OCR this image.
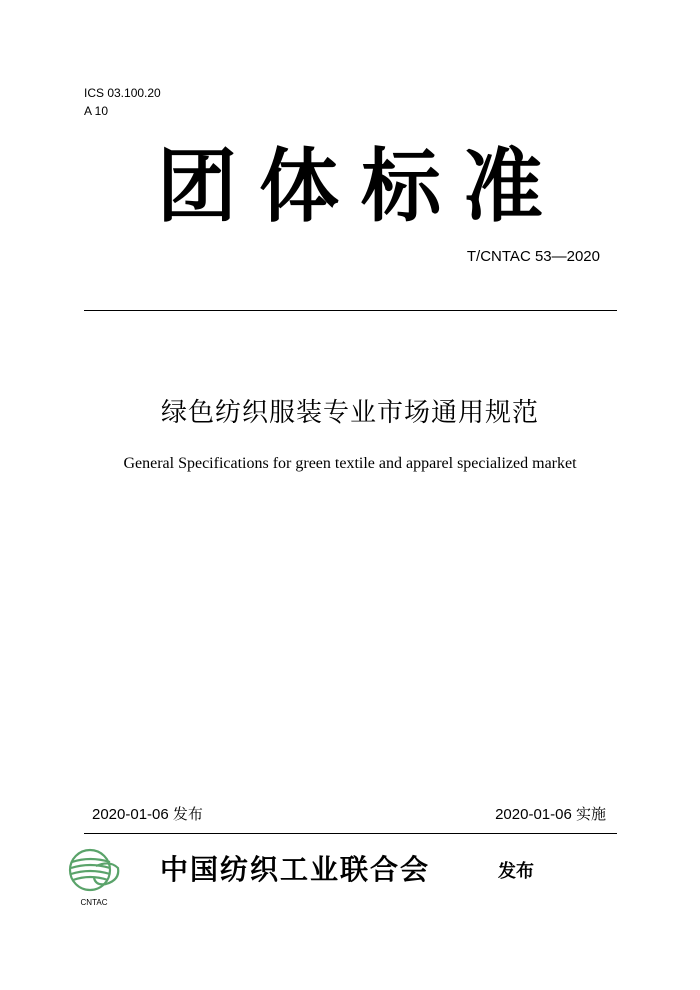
ICS 03.100.20
A 10
团体标准
T/CNTAC 53—2020
绿色纺织服装专业市场通用规范
General Specifications for green textile and apparel specialized market
2020-01-06 发布	2020-01-06 实施
CNTAC
中国纺织工业联合会	发布
